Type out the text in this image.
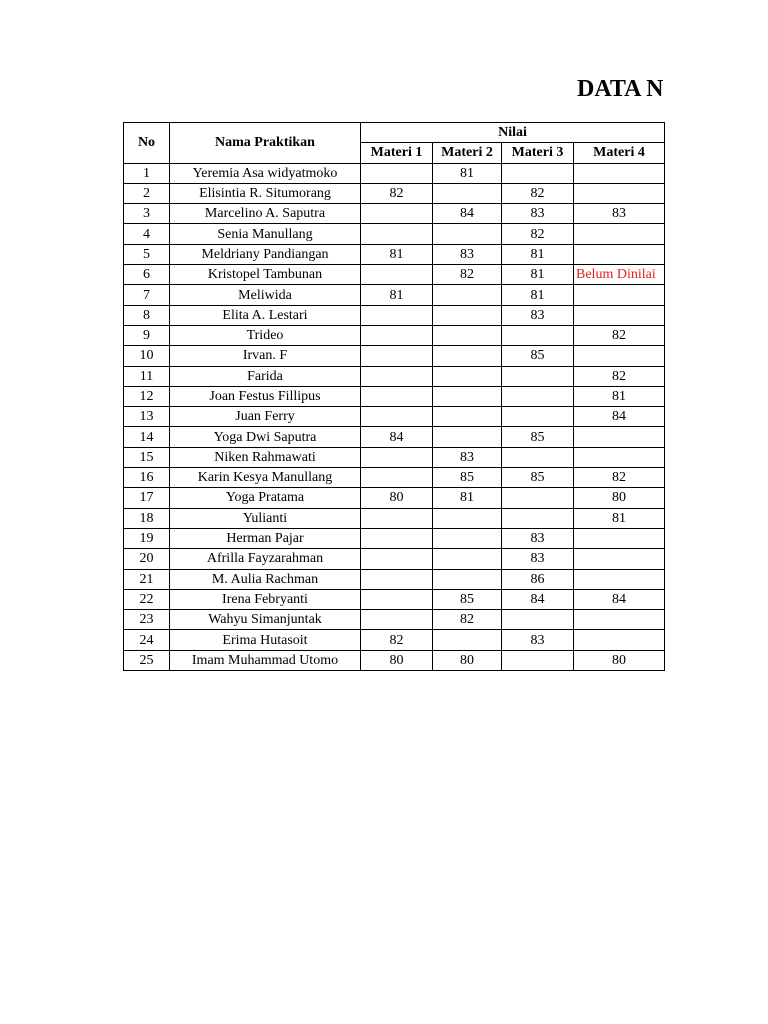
DATA N
No	Nama Praktikan	Nilai			
		Materi 1	Materi 2	Materi 3	Materi 4
1	Yeremia Asa widyatmoko		81		
2	Elisintia R. Situmorang	82		82	
3	Marcelino A. Saputra		84	83	83
4	Senia Manullang			82	
5	Meldriany Pandiangan	81	83	81	
6	Kristopel Tambunan		82	81	Belum Dinilai
7	Meliwida	81		81	
8	Elita A. Lestari			83	
9	Trideo				82
10	Irvan. F			85	
11	Farida				82
12	Joan Festus Fillipus				81
13	Juan Ferry				84
14	Yoga Dwi Saputra	84		85	
15	Niken Rahmawati		83		
16	Karin Kesya Manullang		85	85	82
17	Yoga Pratama	80	81		80
18	Yulianti				81
19	Herman Pajar			83	
20	Afrilla Fayzarahman			83	
21	M. Aulia Rachman			86	
22	Irena Febryanti		85	84	84
23	Wahyu Simanjuntak		82		
24	Erima Hutasoit	82		83	
25	Imam Muhammad Utomo	80	80		80
